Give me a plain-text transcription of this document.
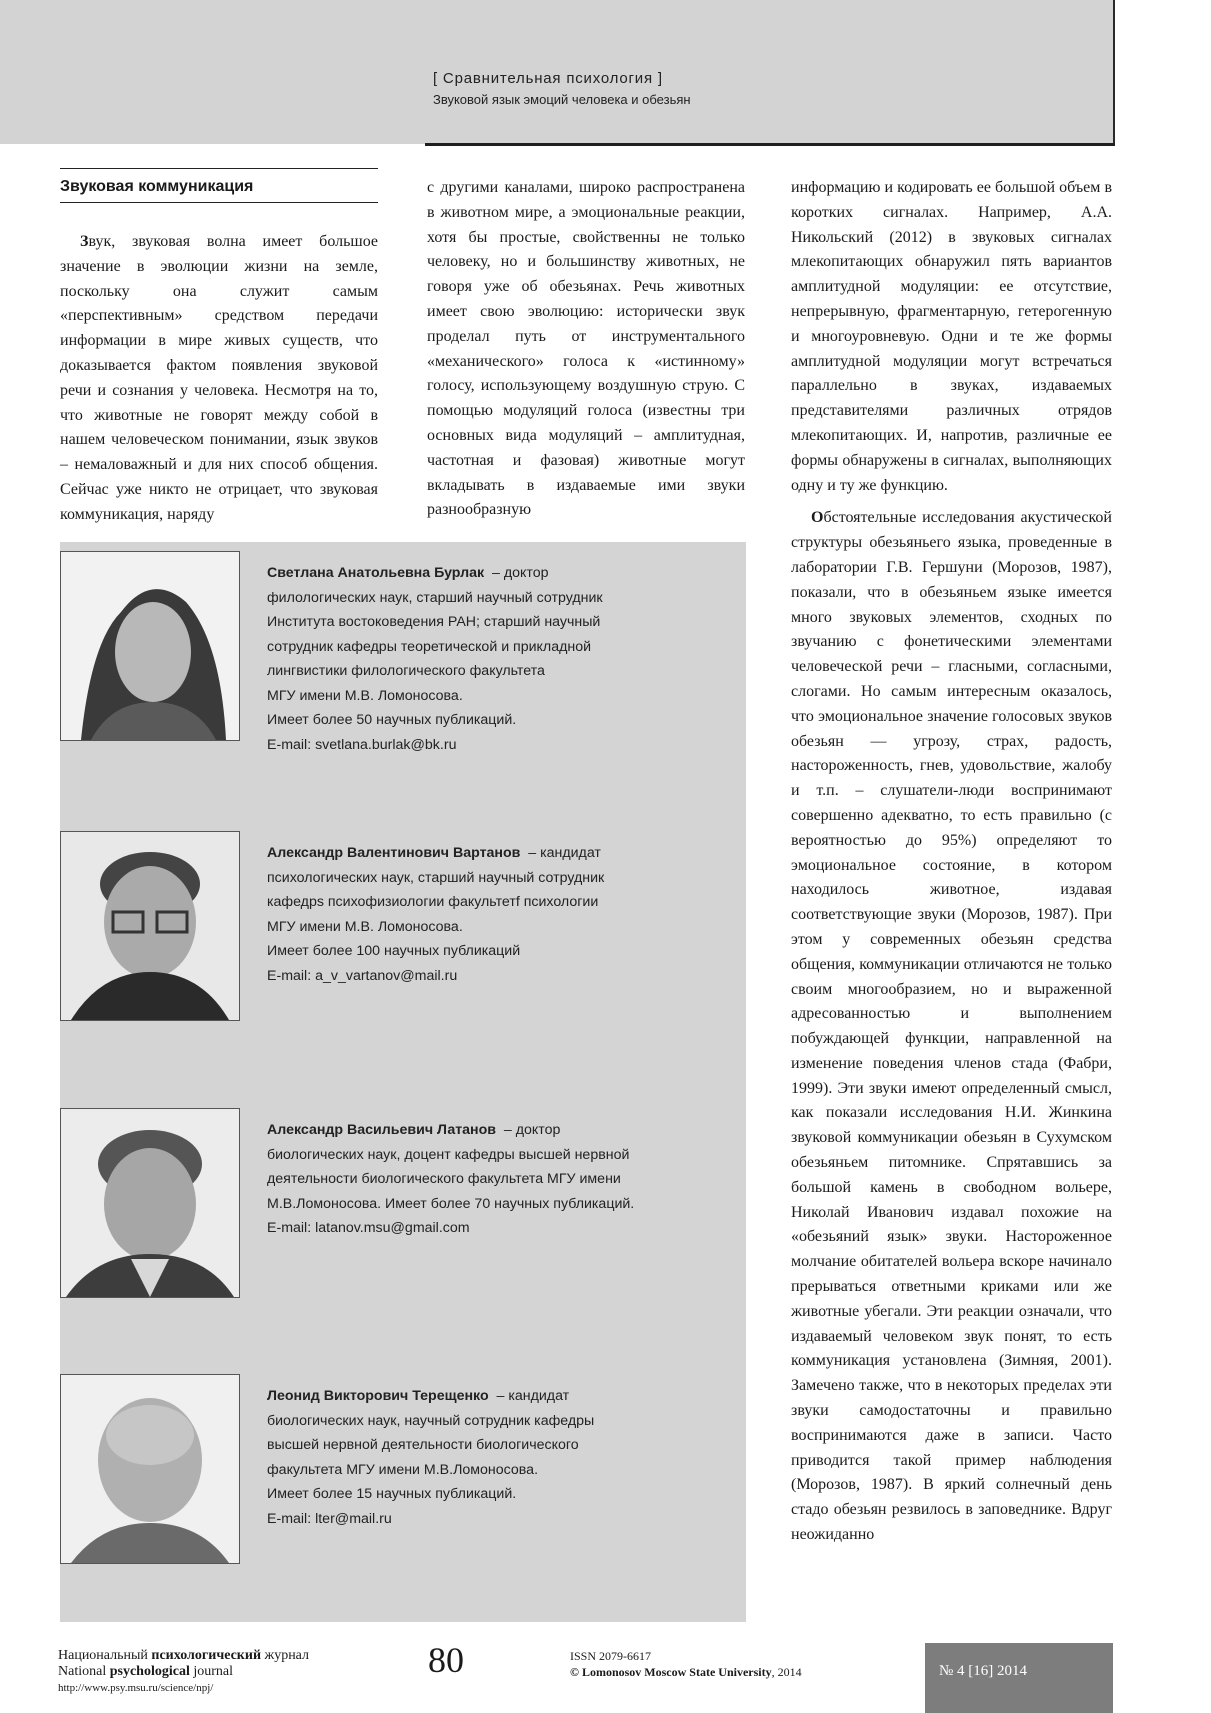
[ Сравнительная психология ]
Звуковой язык эмоций человека и обезьян
Звуковая коммуникация

Звук, звуковая волна имеет большое значение в эволюции жизни на земле, поскольку она служит самым «перспективным» средством передачи информации в мире живых существ, что доказывается фактом появления звуковой речи и сознания у человека. Несмотря на то, что животные не говорят между собой в нашем человеческом понимании, язык звуков – немаловажный и для них способ общения. Сейчас уже никто не отрицает, что звуковая коммуникация, наряду

с другими каналами, широко распространена в животном мире, а эмоциональные реакции, хотя бы простые, свойственны не только человеку, но и большинству животных, не говоря уже об обезьянах. Речь животных имеет свою эволюцию: исторически звук проделал путь от инструментального «механического» голоса к «истинному» голосу, использующему воздушную струю. С помощью модуляций голоса (известны три основных вида модуляций – амплитудная, частотная и фазовая) животные могут вкладывать в издаваемые ими звуки разнообразную

информацию и кодировать ее большой объем в коротких сигналах. Например, А.А. Никольский (2012) в звуковых сигналах млекопитающих обнаружил пять вариантов амплитудной модуляции: ее отсутствие, непрерывную, фрагментарную, гетерогенную и многоуровневую. Одни и те же формы амплитудной модуляции могут встречаться параллельно в звуках, издаваемых представителями различных отрядов млекопитающих. И, напротив, различные ее формы обнаружены в сигналах, выполняющих одну и ту же функцию.

Обстоятельные исследования акустической структуры обезьяньего языка, проведенные в лаборатории Г.В. Гершуни (Морозов, 1987), показали, что в обезьяньем языке имеется много звуковых элементов, сходных по звучанию с фонетическими элементами человеческой речи – гласными, согласными, слогами. Но самым интересным оказалось, что эмоциональное значение голосовых звуков обезьян — угрозу, страх, радость, настороженность, гнев, удовольствие, жалобу и т.п. – слушатели-люди воспринимают совершенно адекватно, то есть правильно (с вероятностью до 95%) определяют то эмоциональное состояние, в котором находилось животное, издавая соответствующие звуки (Морозов, 1987). При этом у современных обезьян средства общения, коммуникации отличаются не только своим многообразием, но и выраженной адресованностью и выполнением побуждающей функции, направленной на изменение поведения членов стада (Фабри, 1999). Эти звуки имеют определенный смысл, как показали исследования Н.И. Жинкина звуковой коммуникации обезьян в Сухумском обезьяньем питомнике. Спрятавшись за большой камень в свободном вольере, Николай Иванович издавал похожие на «обезьяний язык» звуки. Настороженное молчание обитателей вольера вскоре начинало прерываться ответными криками или же животные убегали. Эти реакции означали, что издаваемый человеком звук понят, то есть коммуникация установлена (Зимняя, 2001). Замечено также, что в некоторых пределах эти звуки самодостаточны и правильно воспринимаются даже в записи. Часто приводится такой пример наблюдения (Морозов, 1987). В яркий солнечный день стадо обезьян резвилось в заповеднике. Вдруг неожиданно

Светлана Анатольевна Бурлак – доктор
филологических наук, старший научный сотрудник
Института востоковедения РАН; старший научный
сотрудник кафедры теоретической и прикладной
лингвистики филологического факультета
МГУ имени М.В. Ломоносова.
Имеет более 50 научных публикаций.
E-mail: svetlana.burlak@bk.ru
Александр Валентинович Вартанов – кандидат
психологических наук, старший научный сотрудник
кафедрs психофизиологии факультетf психологии
МГУ имени М.В. Ломоносова.
Имеет более 100 научных публикаций
E-mail: a_v_vartanov@mail.ru
Александр Васильевич Латанов – доктор
биологических наук, доцент кафедры высшей нервной
деятельности биологического факультета МГУ имени
М.В.Ломоносова. Имеет более 70 научных публикаций.
E-mail: latanov.msu@gmail.com
Леонид Викторович Терещенко – кандидат
биологических наук, научный сотрудник кафедры
высшей нервной деятельности биологического
факультета МГУ имени М.В.Ломоносова.
Имеет более 15 научных публикаций.
E-mail: lter@mail.ru
Национальный психологический журнал
National psychological journal
http://www.psy.msu.ru/science/npj/
80	ISSN 2079-6617
© Lomonosov Moscow State University, 2014	№ 4 [16] 2014
